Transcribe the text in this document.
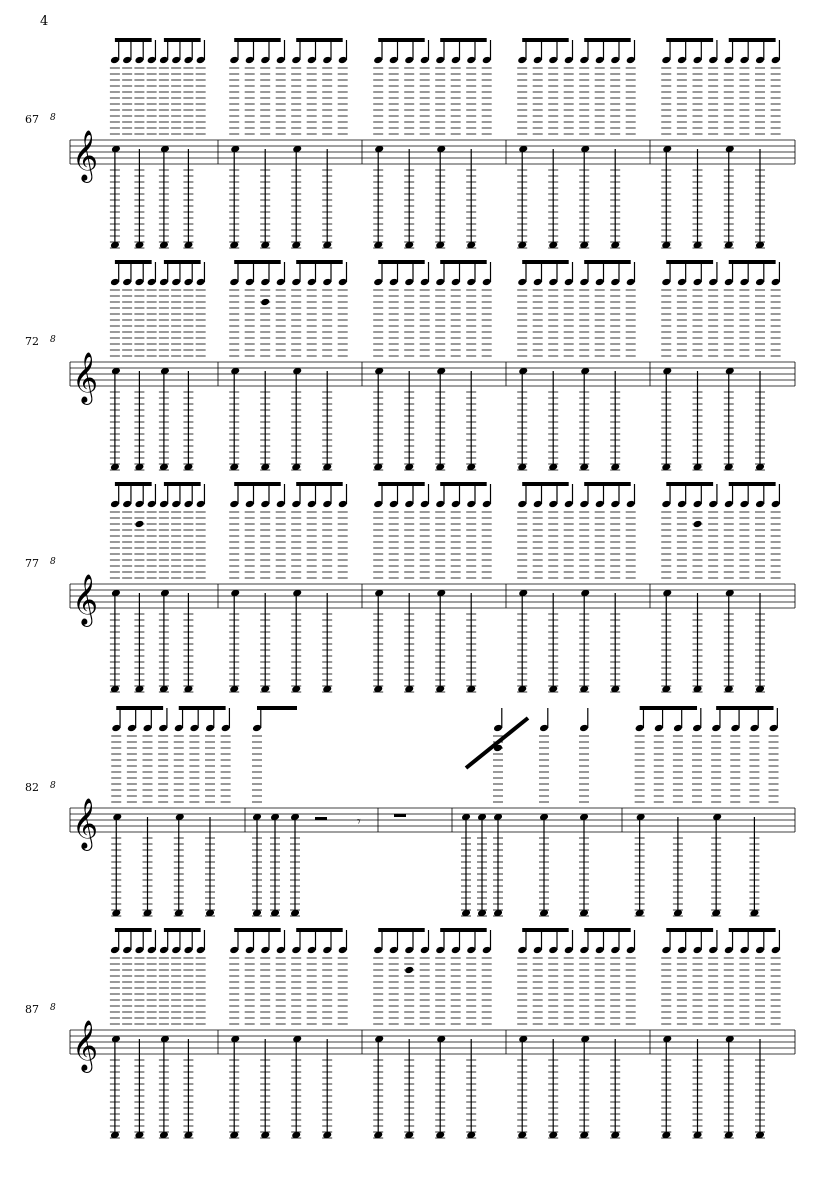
4
67
𝄞
8
72
𝄞
8
77
𝄞
8
82
𝄞
8
𝄾
87
𝄞
8
